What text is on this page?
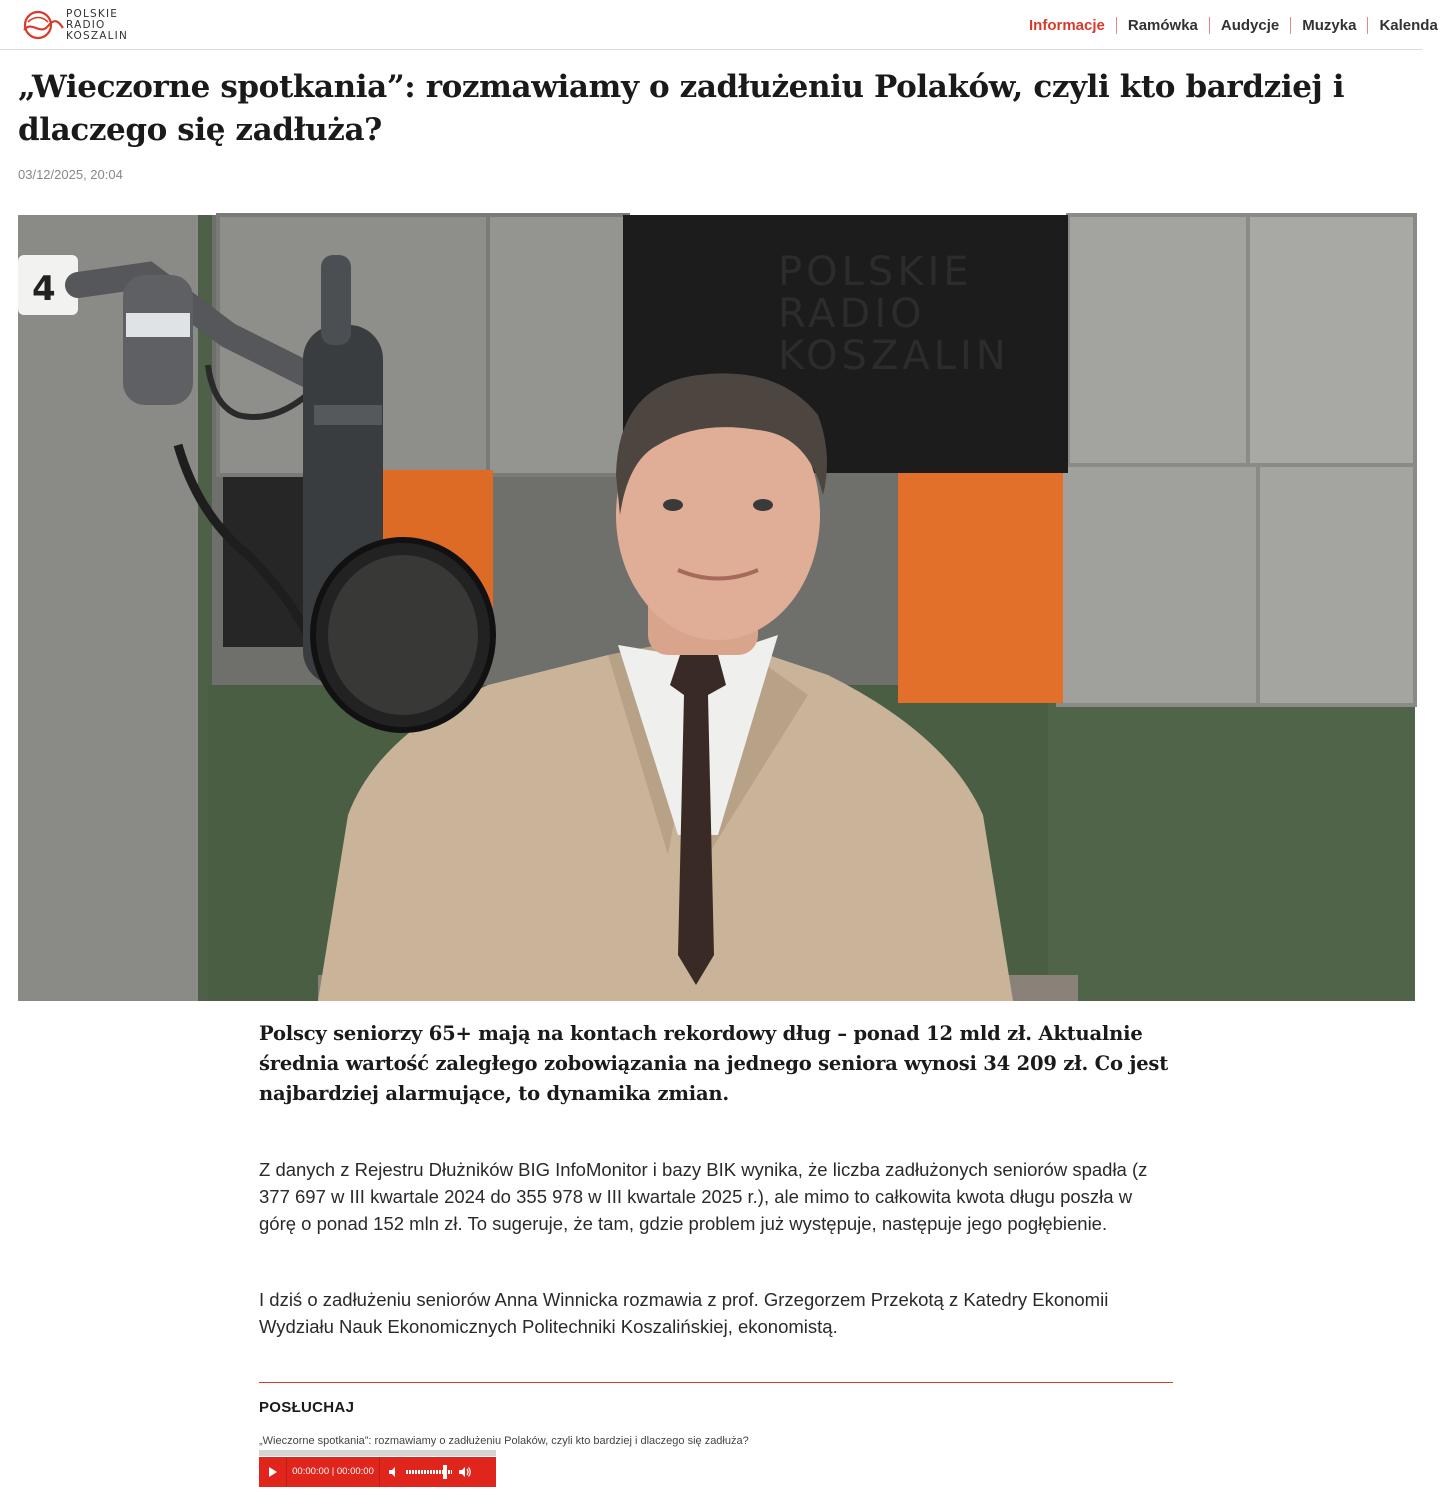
POLSKIE
RADIO
KOSZALIN
Informacje	Ramówka	Audycje	Muzyka	Kalenda
„Wieczorne spotkania”: rozmawiamy o zadłużeniu Polaków, czyli kto bardziej i dlaczego się zadłuża?
03/12/2025, 20:04
POLSKIE
RADIO
KOSZALIN
4

Polscy seniorzy 65+ mają na kontach rekordowy dług – ponad 12 mld zł. Aktualnie średnia wartość zaległego zobowiązania na jednego seniora wynosi 34 209 zł. Co jest najbardziej alarmujące, to dynamika zmian.

Z danych z Rejestru Dłużników BIG InfoMonitor i bazy BIK wynika, że liczba zadłużonych seniorów spadła (z 377 697 w III kwartale 2024 do 355 978 w III kwartale 2025 r.), ale mimo to całkowita kwota długu poszła w górę o ponad 152 mln zł. To sugeruje, że tam, gdzie problem już występuje, następuje jego pogłębienie.

I dziś o zadłużeniu seniorów Anna Winnicka rozmawia z prof. Grzegorzem Przekotą z Katedry Ekonomii Wydziału Nauk Ekonomicznych Politechniki Koszalińskiej, ekonomistą.

POSŁUCHAJ
„Wieczorne spotkania”: rozmawiamy o zadłużeniu Polaków, czyli kto bardziej i dlaczego się zadłuża?
00:00:00 | 00:00:00
